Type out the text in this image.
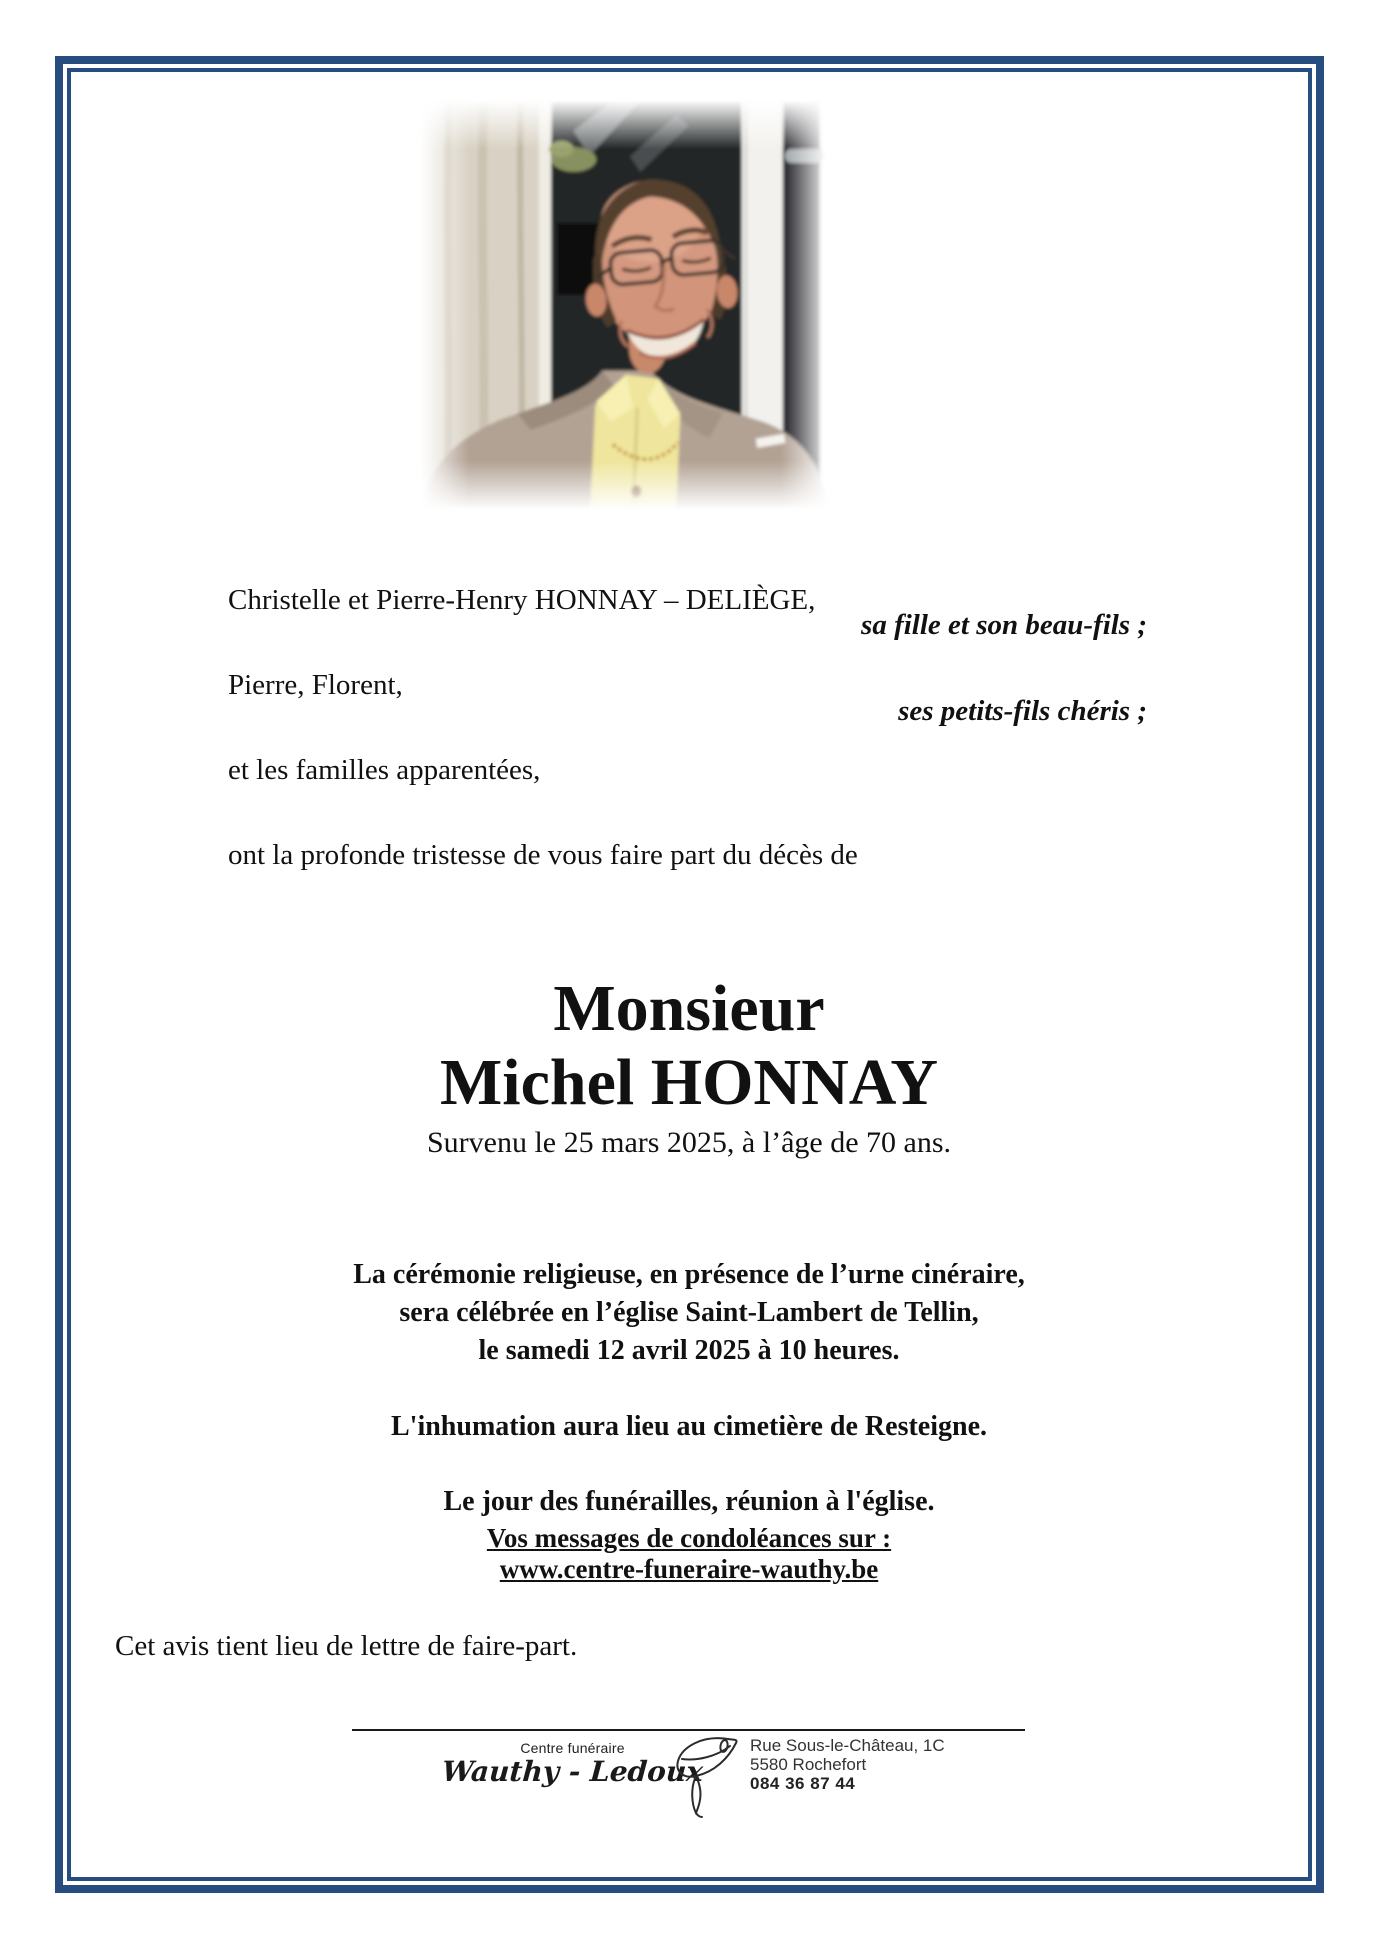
Christelle et Pierre-Henry HONNAY – DELIÈGE,
sa fille et son beau-fils ;
Pierre, Florent,
ses petits-fils chéris ;
et les familles apparentées,
ont la profonde tristesse de vous faire part du décès de
Monsieur
Michel HONNAY
Survenu le 25 mars 2025, à l’âge de 70 ans.
La cérémonie religieuse, en présence de l’urne cinéraire,
sera célébrée en l’église Saint-Lambert de Tellin,
le samedi 12 avril 2025 à 10 heures.
L'inhumation aura lieu au cimetière de Resteigne.
Le jour des funérailles, réunion à l'église.
Vos messages de condoléances sur :
www.centre-funeraire-wauthy.be
Cet avis tient lieu de lettre de faire-part.
Centre funéraire
Wauthy - Ledoux
Rue Sous-le-Château, 1C
5580 Rochefort
084 36 87 44
